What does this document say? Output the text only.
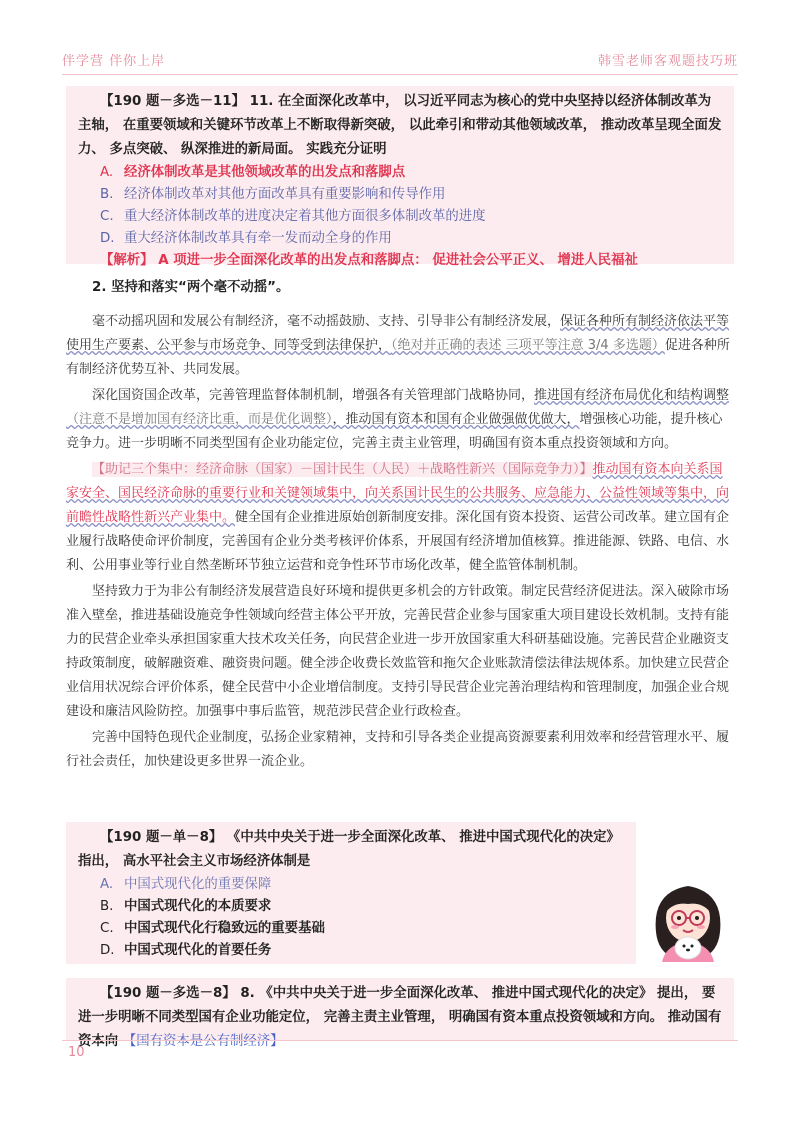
伴学营 伴你上岸	韩雪老师客观题技巧班

【190 题－多选－11】 11. 在全面深化改革中， 以习近平同志为核心的党中央坚持以经济体制改革为主轴， 在重要领域和关键环节改革上不断取得新突破， 以此牵引和带动其他领域改革， 推动改革呈现全面发力、 多点突破、 纵深推进的新局面。 实践充分证明

A. 经济体制改革是其他领域改革的出发点和落脚点

B. 经济体制改革对其他方面改革具有重要影响和传导作用

C. 重大经济体制改革的进度决定着其他方面很多体制改革的进度

D. 重大经济体制改革具有牵一发而动全身的作用

【解析】 A 项进一步全面深化改革的出发点和落脚点： 促进社会公平正义、 增进人民福祉

2. 坚持和落实“两个毫不动摇”。

毫不动摇巩固和发展公有制经济，毫不动摇鼓励、支持、引导非公有制经济发展，保证各种所有制经济依法平等使用生产要素、公平参与市场竞争、同等受到法律保护，（绝对并正确的表述 三项平等注意 3/4 多选题）促进各种所有制经济优势互补、共同发展。

深化国资国企改革，完善管理监督体制机制，增强各有关管理部门战略协同，推进国有经济布局优化和结构调整（注意不是增加国有经济比重，而是优化调整），推动国有资本和国有企业做强做优做大，增强核心功能，提升核心竞争力。进一步明晰不同类型国有企业功能定位，完善主责主业管理，明确国有资本重点投资领域和方向。

【助记三个集中：经济命脉（国家）－国计民生（人民）＋战略性新兴（国际竞争力）】推动国有资本向关系国家安全、国民经济命脉的重要行业和关键领域集中，向关系国计民生的公共服务、应急能力、公益性领域等集中，向前瞻性战略性新兴产业集中。健全国有企业推进原始创新制度安排。深化国有资本投资、运营公司改革。建立国有企业履行战略使命评价制度，完善国有企业分类考核评价体系，开展国有经济增加值核算。推进能源、铁路、电信、水利、公用事业等行业自然垄断环节独立运营和竞争性环节市场化改革，健全监管体制机制。

坚持致力于为非公有制经济发展营造良好环境和提供更多机会的方针政策。制定民营经济促进法。深入破除市场准入壁垒，推进基础设施竞争性领域向经营主体公平开放，完善民营企业参与国家重大项目建设长效机制。支持有能力的民营企业牵头承担国家重大技术攻关任务，向民营企业进一步开放国家重大科研基础设施。完善民营企业融资支持政策制度，破解融资难、融资贵问题。健全涉企收费长效监管和拖欠企业账款清偿法律法规体系。加快建立民营企业信用状况综合评价体系，健全民营中小企业增信制度。支持引导民营企业完善治理结构和管理制度，加强企业合规建设和廉洁风险防控。加强事中事后监管，规范涉民营企业行政检查。

完善中国特色现代企业制度，弘扬企业家精神，支持和引导各类企业提高资源要素利用效率和经营管理水平、履行社会责任，加快建设更多世界一流企业。

【190 题－单－8】 《中共中央关于进一步全面深化改革、 推进中国式现代化的决定》 指出， 高水平社会主义市场经济体制是

A. 中国式现代化的重要保障

B. 中国式现代化的本质要求

C. 中国式现代化行稳致远的重要基础

D. 中国式现代化的首要任务

【190 题－多选－8】 8. 《中共中央关于进一步全面深化改革、 推进中国式现代化的决定》 提出， 要进一步明晰不同类型国有企业功能定位， 完善主责主业管理， 明确国有资本重点投资领域和方向。 推动国有资本向 【国有资本是公有制经济】

10
